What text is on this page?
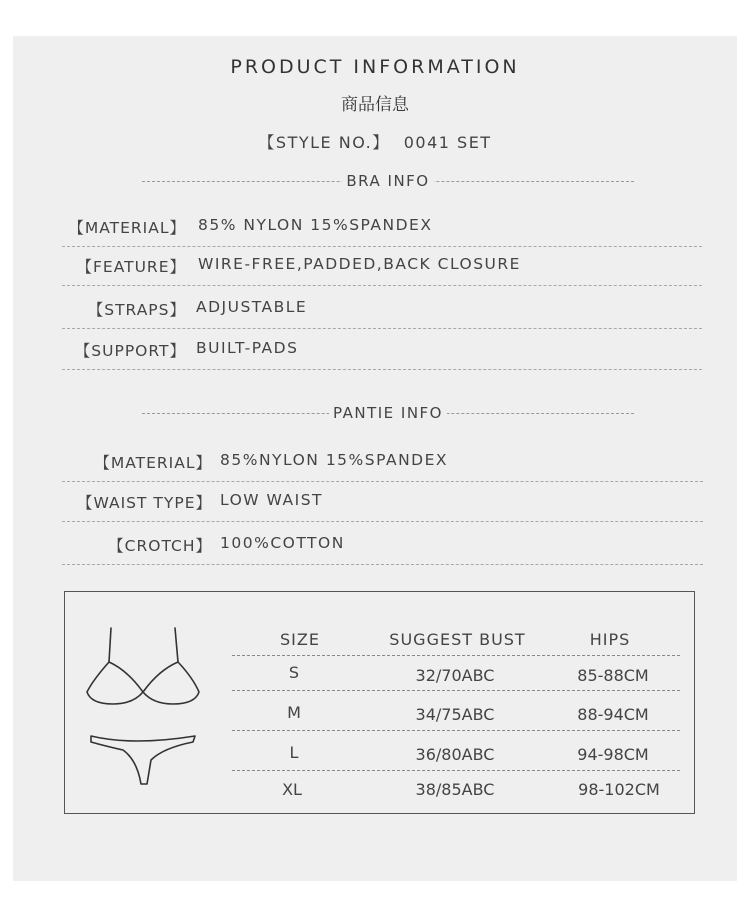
PRODUCT INFORMATION
商品信息
【STYLE NO.】 0041 SET
BRA INFO
【MATERIAL】 85% NYLON 15%SPANDEX
【FEATURE】 WIRE-FREE,PADDED,BACK CLOSURE
【STRAPS】 ADJUSTABLE
【SUPPORT】 BUILT-PADS
PANTIE INFO
【MATERIAL】 85%NYLON 15%SPANDEX
【WAIST TYPE】 LOW WAIST
【CROTCH】 100%COTTON
SIZE	SUGGEST BUST	HIPS
S	32/70ABC	85-88CM
M	34/75ABC	88-94CM
L	36/80ABC	94-98CM
XL	38/85ABC	98-102CM
